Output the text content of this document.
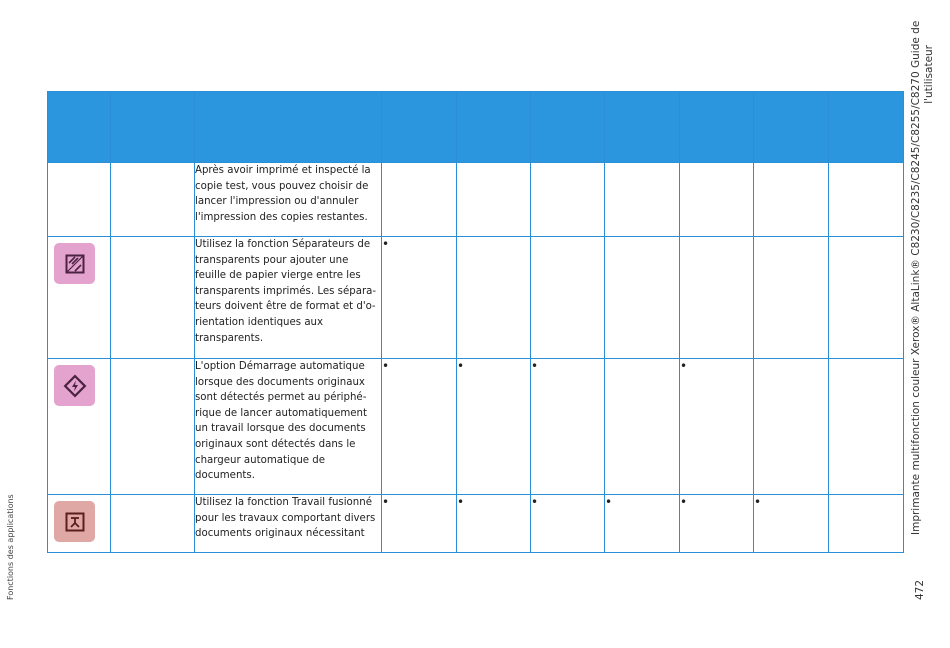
		Après avoir imprimé et inspecté la copie test, vous pouvez choisir de lancer l'impression ou d'annuler l'impression des copies restantes.							

		Utilisez la fonction Séparateurs de transparents pour ajouter une feuille de papier vierge entre les transparents imprimés. Les séparateurs doivent être de format et d'orientation identiques aux transparents.	•						

		L'option Démarrage automatique lorsque des documents originaux sont détectés permet au périphérique de lancer automatiquement un travail lorsque des documents originaux sont détectés dans le chargeur automatique de documents.	•	•	•		•		

		Utilisez la fonction Travail fusionné pour les travaux comportant divers documents originaux nécessitant	•	•	•	•	•	•		Imprimante multifonction couleur Xerox® AltaLink® C8230/C8235/C8245/C8255/C8270 Guide de l'utilisateur
472
Fonctions des applications
